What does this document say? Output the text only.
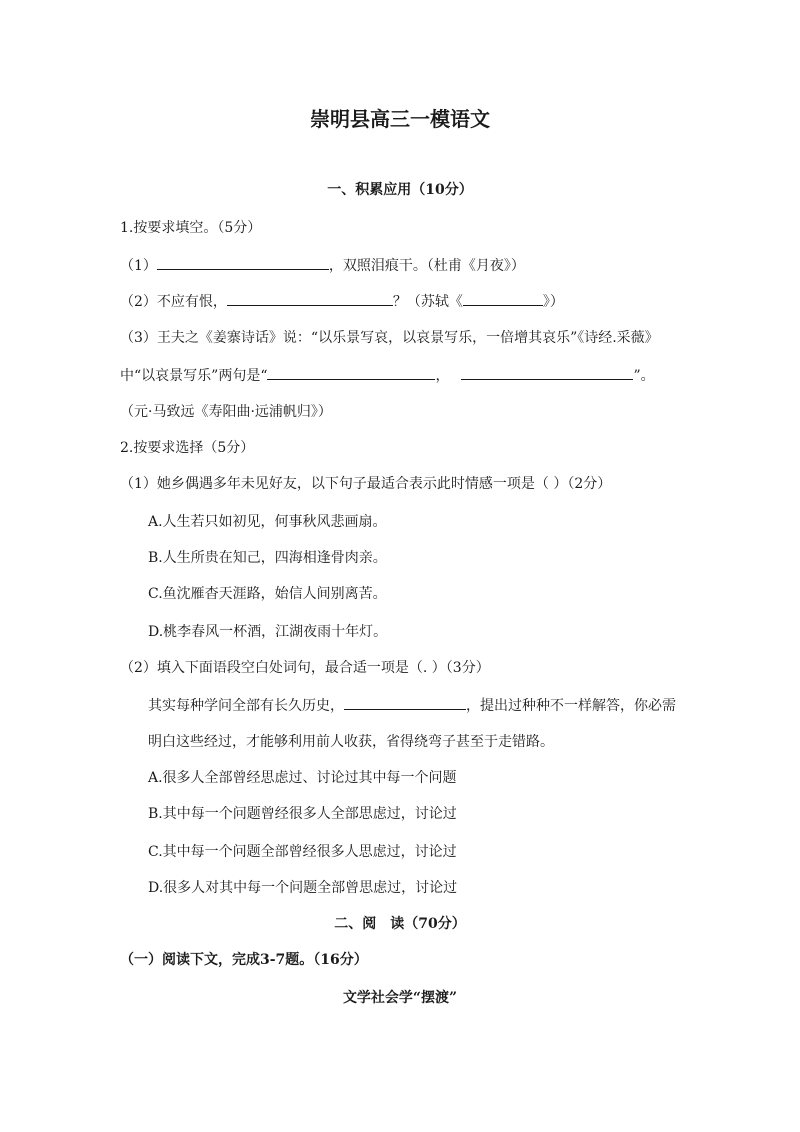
崇明县高三一模语文
一、积累应用（10分）
1.按要求填空。（5分）
（1）	，双照泪痕干。（杜甫《月夜》）
（2）不应有恨，	？（苏轼《	》）
（3）王夫之《姜寨诗话》说：“以乐景写哀，以哀景写乐，一倍增其哀乐”《诗经.采薇》
中“以哀景写乐”两句是“	，	”。
（元·马致远《寿阳曲·远浦帆归》）
2.按要求选择（5分）
（1）她乡偶遇多年未见好友，以下句子最适合表示此时情感一项是（ ）（2分）
A.人生若只如初见，何事秋风悲画扇。
B.人生所贵在知己，四海相逢骨肉亲。
C.鱼沈雁杳天涯路，始信人间别离苦。
D.桃李春风一杯酒，江湖夜雨十年灯。
（2）填入下面语段空白处词句，最合适一项是（. ）（3分）
其实每种学问全部有长久历史，	，提出过种种不一样解答，你必需
明白这些经过，才能够利用前人收获，省得绕弯子甚至于走错路。
A.很多人全部曾经思虑过、讨论过其中每一个问题
B.其中每一个问题曾经很多人全部思虑过，讨论过
C.其中每一个问题全部曾经很多人思虑过，讨论过
D.很多人对其中每一个问题全部曾思虑过，讨论过
二、阅　读（70分）
（一）阅读下文，完成3-7题。（16分）
文学社会学“摆渡”
